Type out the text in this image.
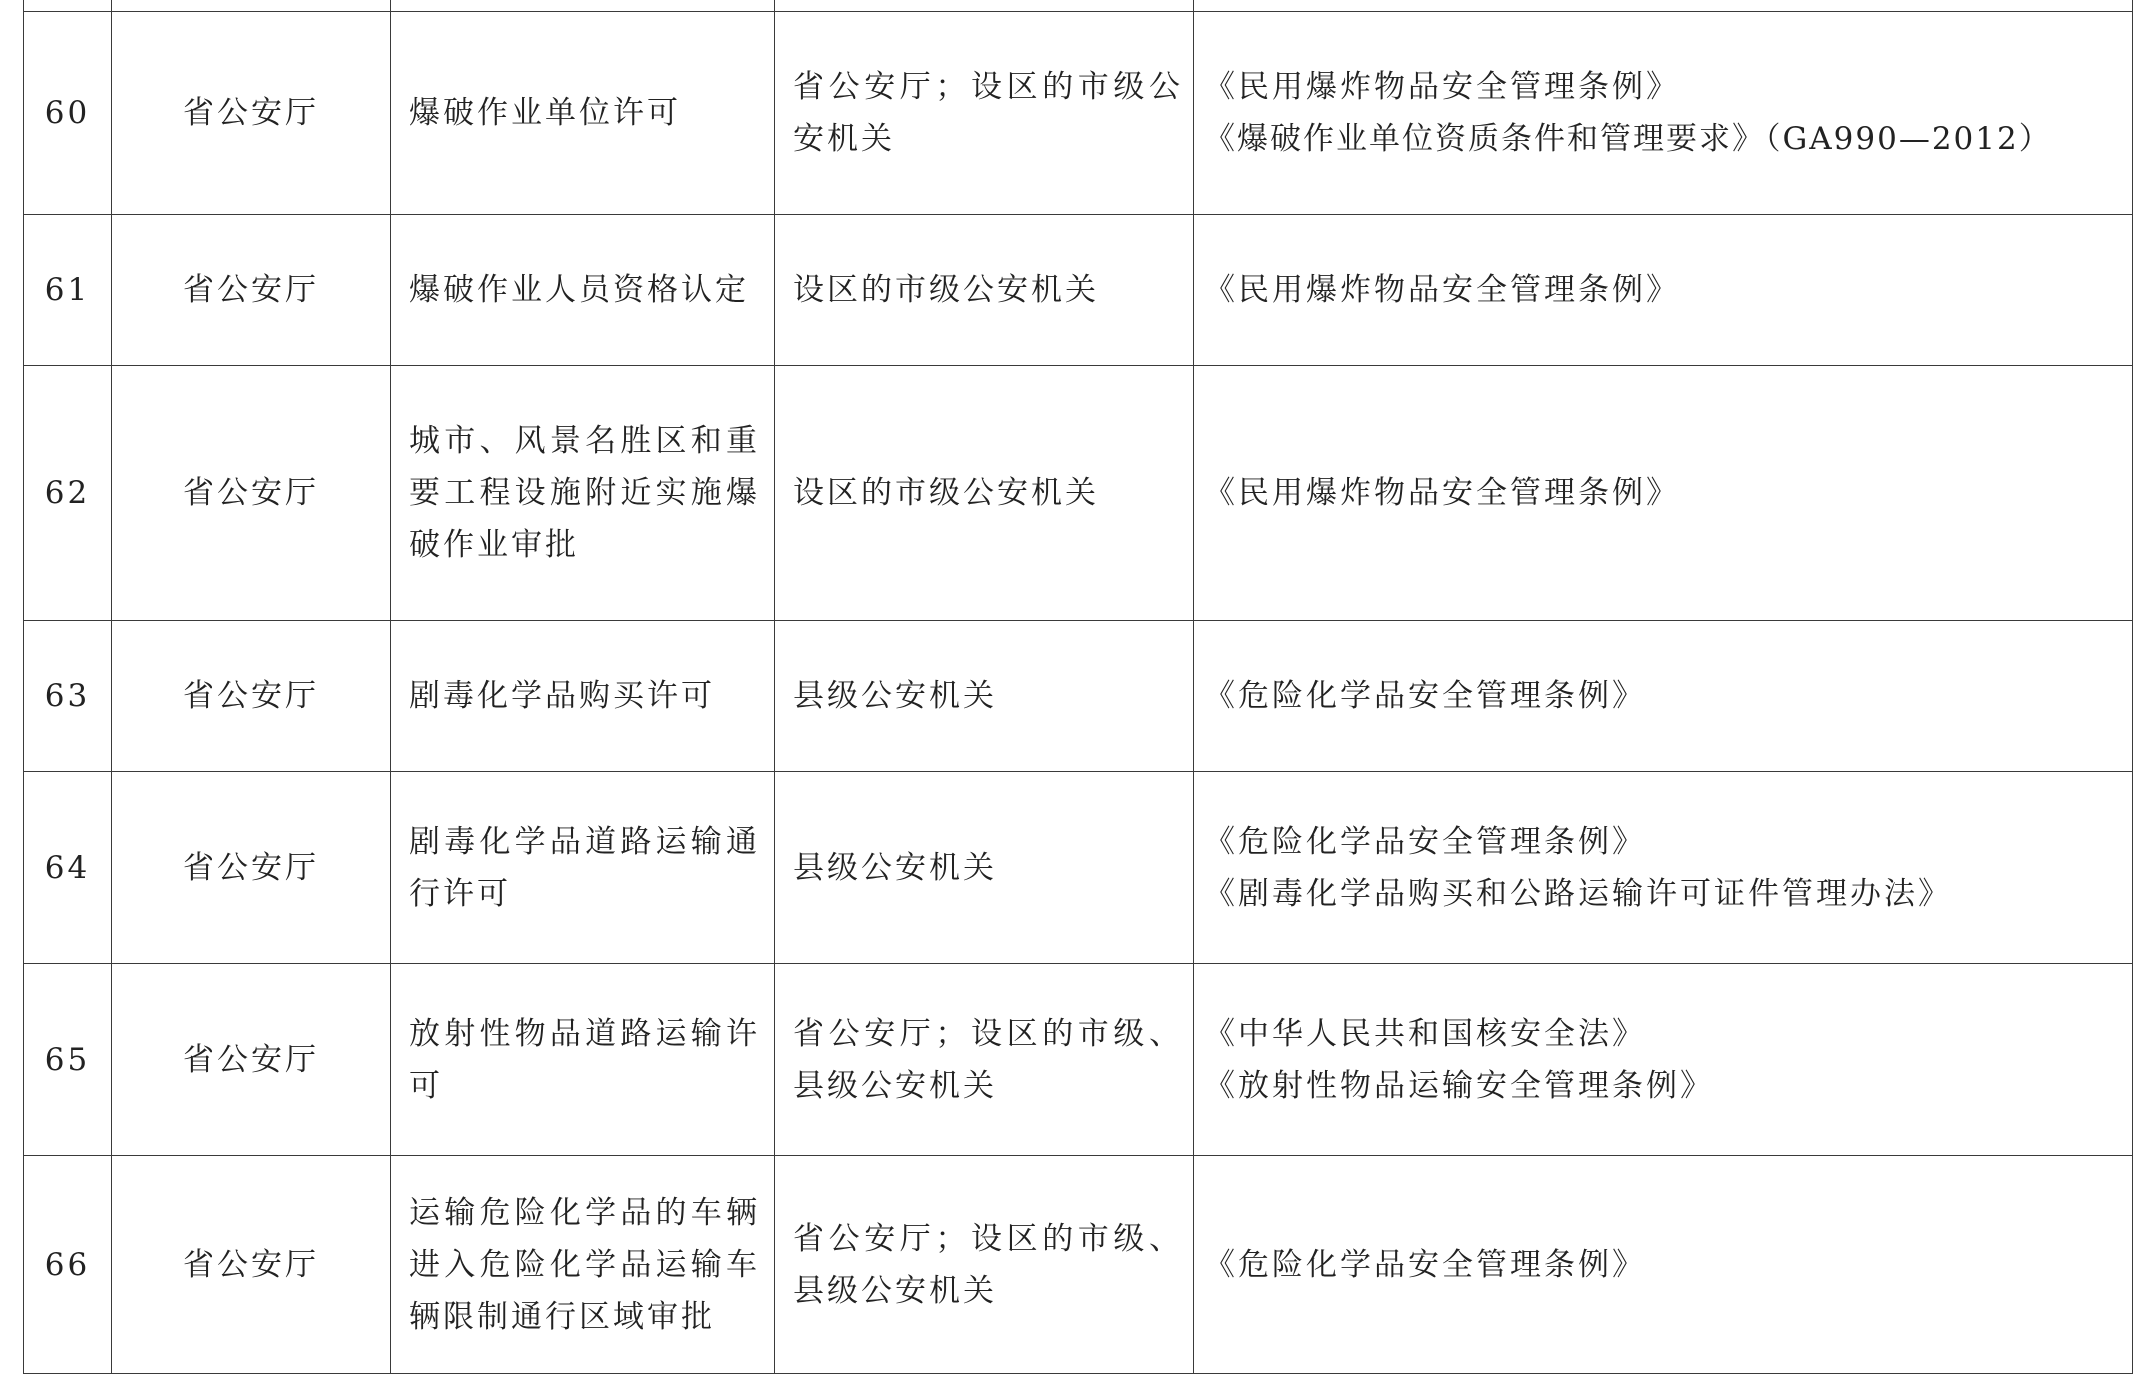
60	省公安厅	爆破作业单位许可	省公安厅；设区的市级公安机关	《民用爆炸物品安全管理条例》
《爆破作业单位资质条件和管理要求》（GA990—2012）

61	省公安厅	爆破作业人员资格认定	设区的市级公安机关	《民用爆炸物品安全管理条例》

62	省公安厅	城市、风景名胜区和重要工程设施附近实施爆破作业审批	设区的市级公安机关	《民用爆炸物品安全管理条例》

63	省公安厅	剧毒化学品购买许可	县级公安机关	《危险化学品安全管理条例》

64	省公安厅	剧毒化学品道路运输通行许可	县级公安机关	《危险化学品安全管理条例》
《剧毒化学品购买和公路运输许可证件管理办法》

65	省公安厅	放射性物品道路运输许可	省公安厅；设区的市级、县级公安机关	《中华人民共和国核安全法》
《放射性物品运输安全管理条例》

66	省公安厅	运输危险化学品的车辆进入危险化学品运输车辆限制通行区域审批	省公安厅；设区的市级、县级公安机关	《危险化学品安全管理条例》
